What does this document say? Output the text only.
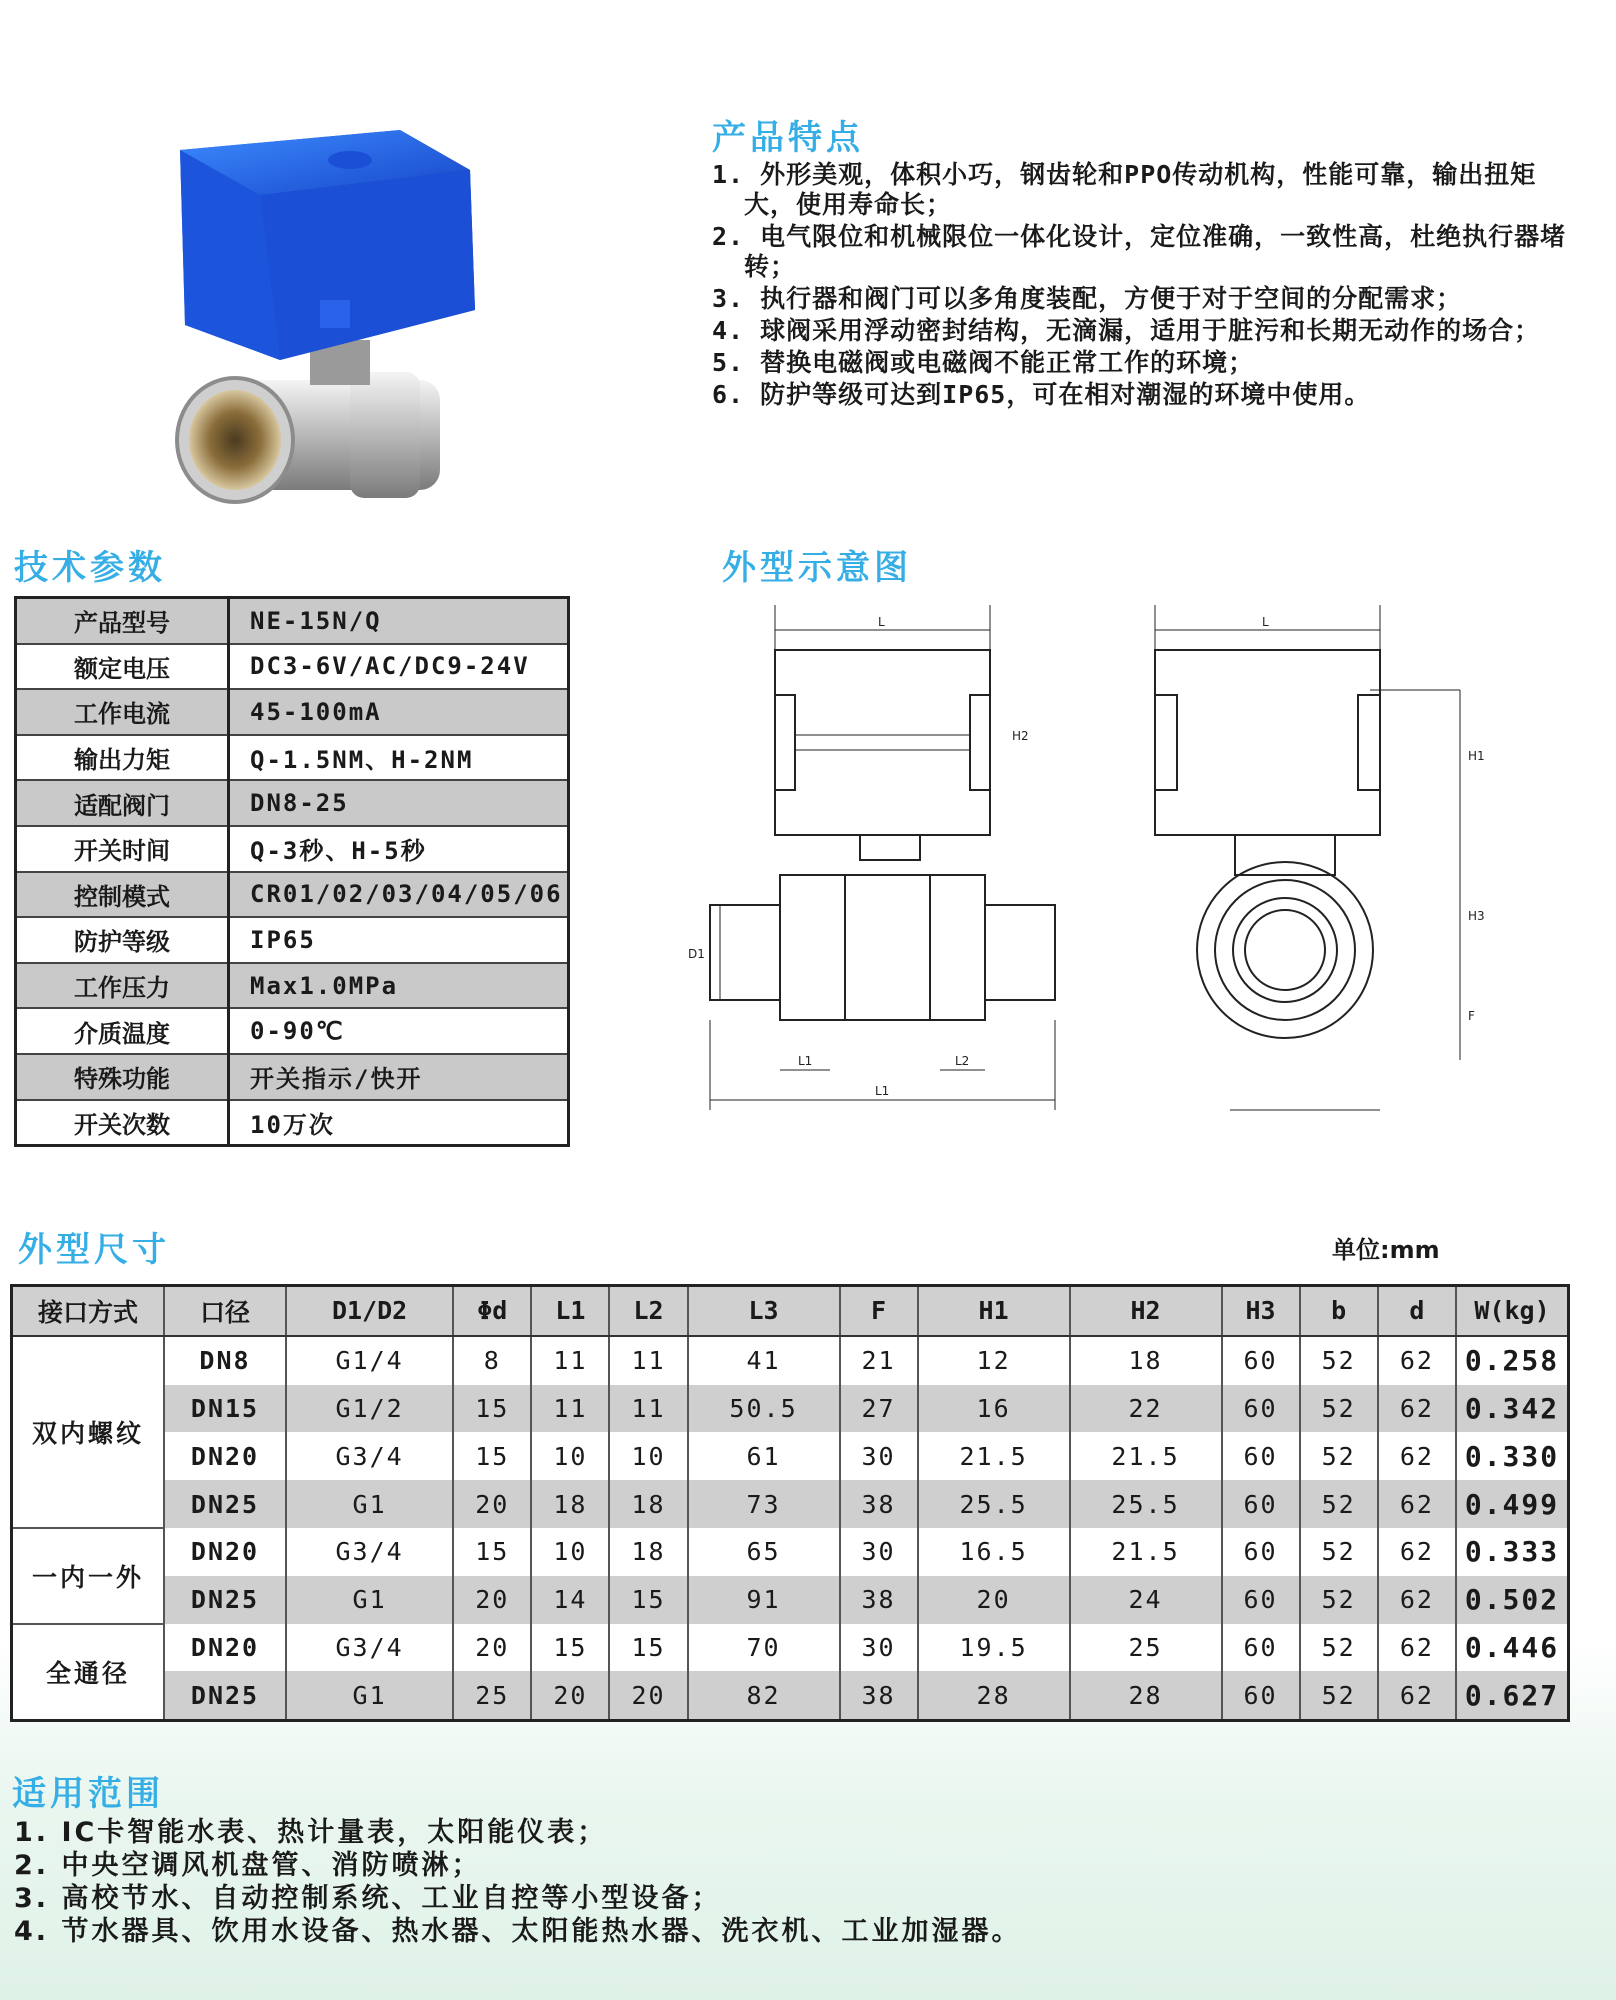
产品特点
1. 外形美观，体积小巧，钢齿轮和PPO传动机构，性能可靠，输出扭矩大，使用寿命长；
2. 电气限位和机械限位一体化设计，定位准确，一致性高，杜绝执行器堵转；
3. 执行器和阀门可以多角度装配，方便于对于空间的分配需求；
4. 球阀采用浮动密封结构，无滴漏，适用于脏污和长期无动作的场合；
5. 替换电磁阀或电磁阀不能正常工作的环境；
6. 防护等级可达到IP65，可在相对潮湿的环境中使用。
技术参数
产品型号	NE-15N/Q
额定电压	DC3-6V/AC/DC9-24V
工作电流	45-100mA
输出力矩	Q-1.5NM、H-2NM
适配阀门	DN8-25
开关时间	Q-3秒、H-5秒
控制模式	CR01/02/03/04/05/06
防护等级	IP65
工作压力	Max1.0MPa
介质温度	0-90℃
特殊功能	开关指示/快开
开关次数	10万次
外型示意图
L
D1
L1
L1	L2
H2
L
H1
H3
F
外型尺寸	单位:mm
接口方式	口径	D1/D2	Φd	L1	L2	L3	F	H1	H2	H3	b	d	W(kg)
双内螺纹	DN8	G1/4	8	11	11	41	21	12	18	60	52	62	0.258
	DN15	G1/2	15	11	11	50.5	27	16	22	60	52	62	0.342
	DN20	G3/4	15	10	10	61	30	21.5	21.5	60	52	62	0.330
	DN25	G1	20	18	18	73	38	25.5	25.5	60	52	62	0.499
一内一外	DN20	G3/4	15	10	18	65	30	16.5	21.5	60	52	62	0.333
	DN25	G1	20	14	15	91	38	20	24	60	52	62	0.502
全通径	DN20	G3/4	20	15	15	70	30	19.5	25	60	52	62	0.446
	DN25	G1	25	20	20	82	38	28	28	60	52	62	0.627
适用范围
1. IC卡智能水表、热计量表，太阳能仪表；
2. 中央空调风机盘管、消防喷淋；
3. 高校节水、自动控制系统、工业自控等小型设备；
4. 节水器具、饮用水设备、热水器、太阳能热水器、洗衣机、工业加湿器。
